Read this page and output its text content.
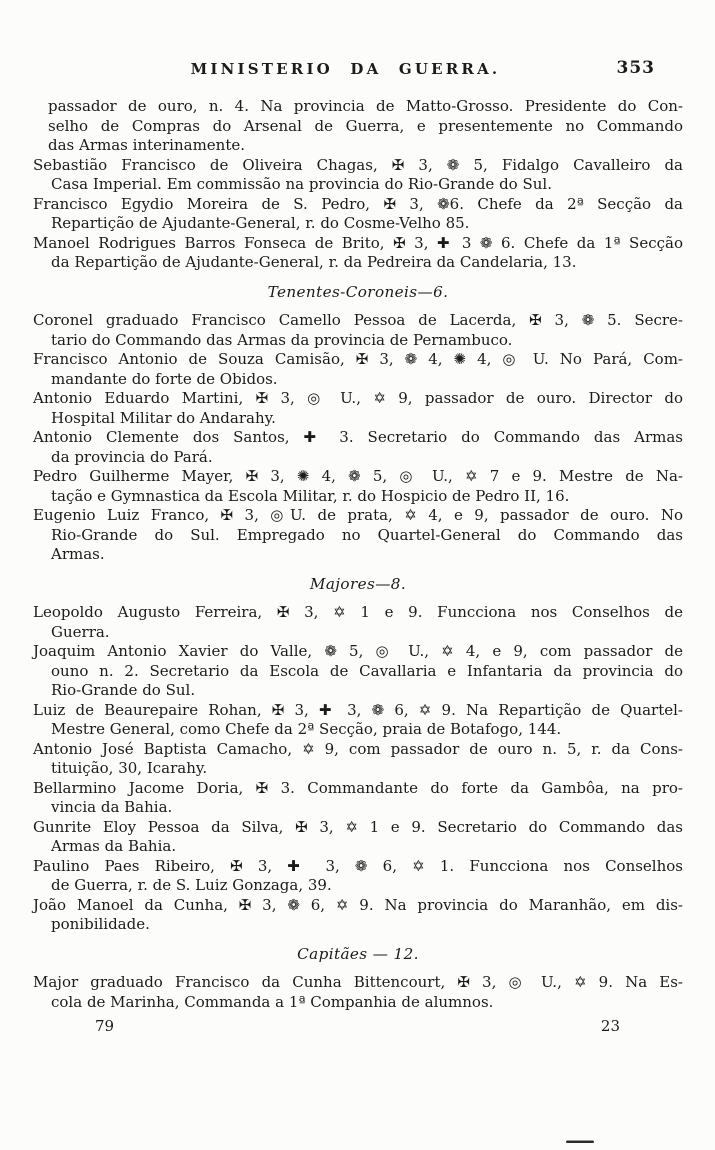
MINISTERIO DA GUERRA.	353
passador de ouro, n. 4. Na provincia de Matto-Grosso. Presidente do Con-
selho de Compras do Arsenal de Guerra, e presentemente no Commando
das Armas interinamente.
Sebastião Francisco de Oliveira Chagas, ✠ 3, ❁ 5, Fidalgo Cavalleiro da
Casa Imperial. Em commissão na provincia do Rio-Grande do Sul.
Francisco Egydio Moreira de S. Pedro, ✠ 3, ❁6. Chefe da 2ª Secção da
Repartição de Ajudante-General, r. do Cosme-Velho 85.
Manoel Rodrigues Barros Fonseca de Brito, ✠ 3, ✚ 3 ❁ 6. Chefe da 1ª Secção
da Repartição de Ajudante-General, r. da Pedreira da Candelaria, 13.
Tenentes-Coroneis—6.
Coronel graduado Francisco Camello Pessoa de Lacerda, ✠ 3, ❁ 5. Secre-
tario do Commando das Armas da provincia de Pernambuco.
Francisco Antonio de Souza Camisão, ✠ 3, ❁ 4, ✺ 4, ◎ U. No Pará, Com-
mandante do forte de Obidos.
Antonio Eduardo Martini, ✠ 3, ◎ U., ✡ 9, passador de ouro. Director do
Hospital Militar do Andarahy.
Antonio Clemente dos Santos, ✚ 3. Secretario do Commando das Armas
da provincia do Pará.
Pedro Guilherme Mayer, ✠ 3, ✺ 4, ❁ 5, ◎ U., ✡ 7 e 9. Mestre de Na-
tação e Gymnastica da Escola Militar, r. do Hospicio de Pedro II, 16.
Eugenio Luiz Franco, ✠ 3, ◎U. de prata, ✡ 4, e 9, passador de ouro. No
Rio-Grande do Sul. Empregado no Quartel-General do Commando das
Armas.
Majores—8.
Leopoldo Augusto Ferreira, ✠ 3, ✡ 1 e 9. Funcciona nos Conselhos de
Guerra.
Joaquim Antonio Xavier do Valle, ❁ 5, ◎ U., ✡ 4, e 9, com passador de
ouno n. 2. Secretario da Escola de Cavallaria e Infantaria da provincia do
Rio-Grande do Sul.
Luiz de Beaurepaire Rohan, ✠ 3, ✚ 3, ❁ 6, ✡ 9. Na Repartição de Quartel-
Mestre General, como Chefe da 2ª Secção, praia de Botafogo, 144.
Antonio José Baptista Camacho, ✡ 9, com passador de ouro n. 5, r. da Cons-
tituição, 30, Icarahy.
Bellarmino Jacome Doria, ✠ 3. Commandante do forte da Gambôa, na pro-
vincia da Bahia.
Gunrite Eloy Pessoa da Silva, ✠ 3, ✡ 1 e 9. Secretario do Commando das
Armas da Bahia.
Paulino Paes Ribeiro, ✠ 3, ✚ 3, ❁ 6, ✡ 1. Funcciona nos Conselhos
de Guerra, r. de S. Luiz Gonzaga, 39.
João Manoel da Cunha, ✠ 3, ❁ 6, ✡ 9. Na provincia do Maranhão, em dis-
ponibilidade.
Capitães — 12.
Major graduado Francisco da Cunha Bittencourt, ✠ 3, ◎ U., ✡ 9. Na Es-
cola de Marinha, Commanda a 1ª Companhia de alumnos.
79	23
